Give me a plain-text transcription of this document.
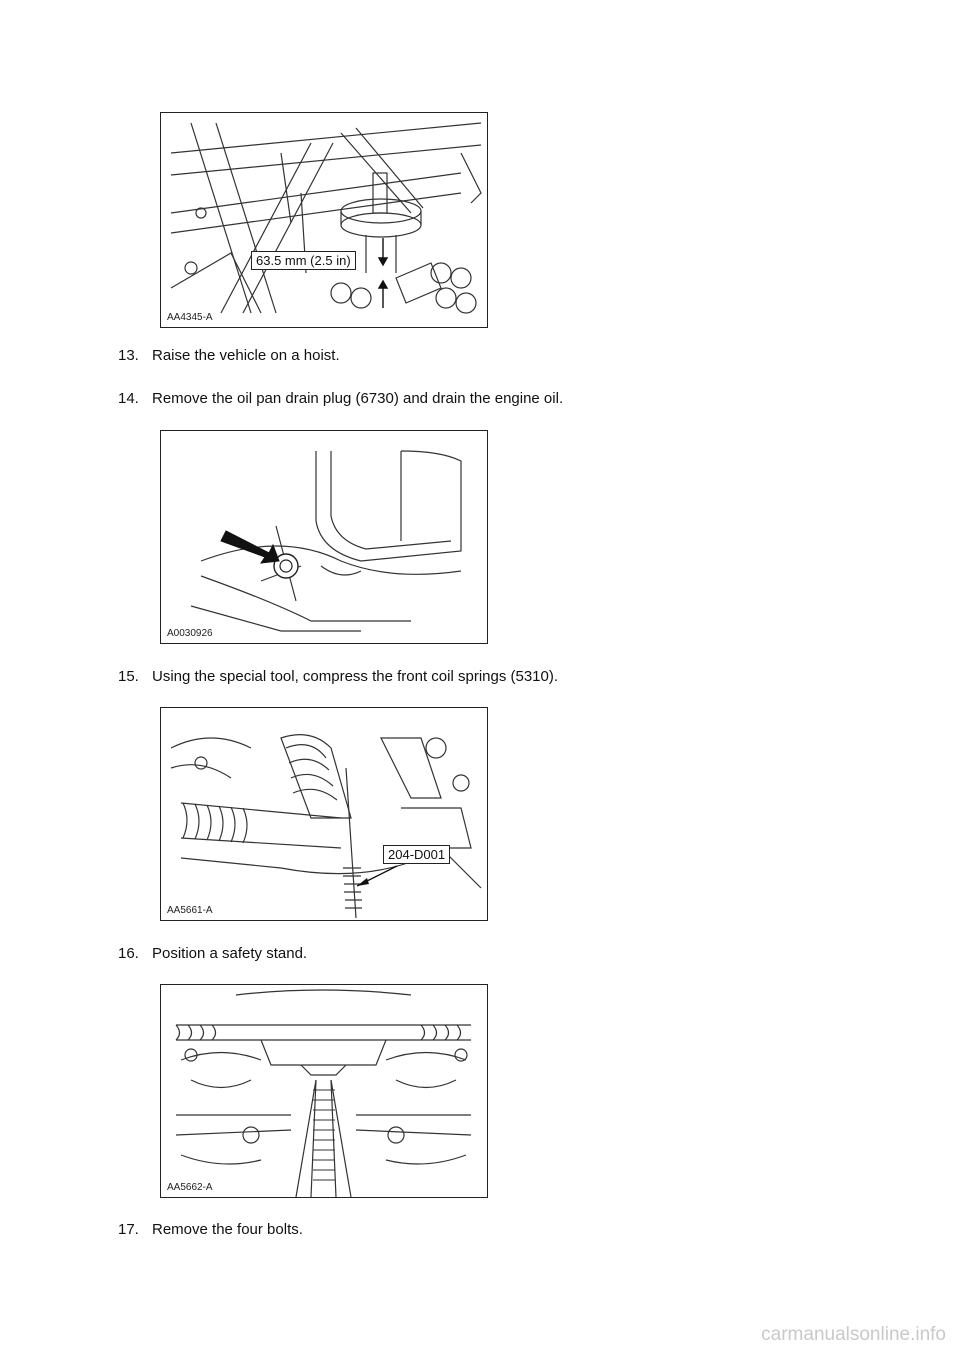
63.5 mm (2.5 in)
AA4345-A
13. Raise the vehicle on a hoist.
14. Remove the oil pan drain plug (6730) and drain the engine oil.
A0030926
15. Using the special tool, compress the front coil springs (5310).
204-D001
AA5661-A
16. Position a safety stand.
AA5662-A
17. Remove the four bolts.
carmanualsonline.info
